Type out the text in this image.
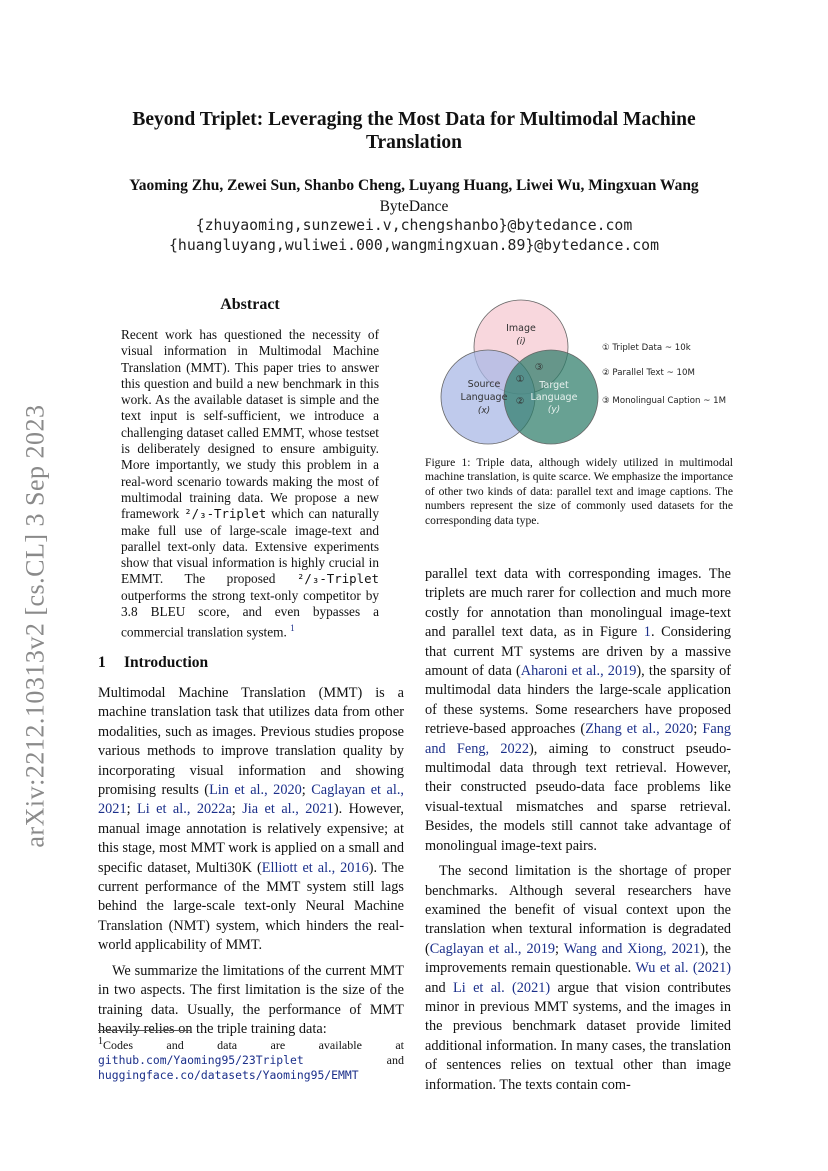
arXiv:2212.10313v2 [cs.CL] 3 Sep 2023
Beyond Triplet: Leveraging the Most Data for Multimodal Machine Translation

Yaoming Zhu, Zewei Sun, Shanbo Cheng, Luyang Huang, Liwei Wu, Mingxuan Wang

ByteDance

{zhuyaoming,sunzewei.v,chengshanbo}@bytedance.com

{huangluyang,wuliwei.000,wangmingxuan.89}@bytedance.com

Abstract

Recent work has questioned the necessity of visual information in Multimodal Machine Translation (MMT). This paper tries to answer this question and build a new benchmark in this work. As the available dataset is simple and the text input is self-sufficient, we introduce a challenging dataset called EMMT, whose testset is deliberately designed to ensure ambiguity. More importantly, we study this problem in a real-word scenario towards making the most of multimodal training data. We propose a new framework ²/₃-Triplet which can naturally make full use of large-scale image-text and parallel text-only data. Extensive experiments show that visual information is highly crucial in EMMT. The proposed ²/₃-Triplet outperforms the strong text-only competitor by 3.8 BLEU score, and even bypasses a commercial translation system. $^1$

1 Introduction

Multimodal Machine Translation (MMT) is a machine translation task that utilizes data from other modalities, such as images. Previous studies propose various methods to improve translation quality by incorporating visual information and showing promising results (Lin et al., 2020; Caglayan et al., 2021; Li et al., 2022a; Jia et al., 2021). However, manual image annotation is relatively expensive; at this stage, most MMT work is applied on a small and specific dataset, Multi30K (Elliott et al., 2016). The current performance of the MMT system still lags behind the large-scale text-only Neural Machine Translation (NMT) system, which hinders the real-world applicability of MMT.

We summarize the limitations of the current MMT in two aspects. The first limitation is the size of the training data. Usually, the performance of MMT heavily relies on the triple training data:

$^1$Codes and data are available at github.com/Yaoming95/23Triplet and huggingface.co/datasets/Yaoming95/EMMT

Image
(i)
Source
Language
(x)
Target
Language
(y)
①
②
③
① Triplet Data ~ 10k
② Parallel Text ~ 10M
③ Monolingual Caption ~ 1M

Figure 1: Triple data, although widely utilized in multimodal machine translation, is quite scarce. We emphasize the importance of other two kinds of data: parallel text and image captions. The numbers represent the size of commonly used datasets for the corresponding data type.

parallel text data with corresponding images. The triplets are much rarer for collection and much more costly for annotation than monolingual image-text and parallel text data, as in Figure 1. Considering that current MT systems are driven by a massive amount of data (Aharoni et al., 2019), the sparsity of multimodal data hinders the large-scale application of these systems. Some researchers have proposed retrieve-based approaches (Zhang et al., 2020; Fang and Feng, 2022), aiming to construct pseudo-multimodal data through text retrieval. However, their constructed pseudo-data face problems like visual-textual mismatches and sparse retrieval. Besides, the models still cannot take advantage of monolingual image-text pairs.

The second limitation is the shortage of proper benchmarks. Although several researchers have examined the benefit of visual context upon the translation when textural information is degradated (Caglayan et al., 2019; Wang and Xiong, 2021), the improvements remain questionable. Wu et al. (2021) and Li et al. (2021) argue that vision contributes minor in previous MMT systems, and the images in the previous benchmark dataset provide limited additional information. In many cases, the translation of sentences relies on textual other than image information. The texts contain com-
